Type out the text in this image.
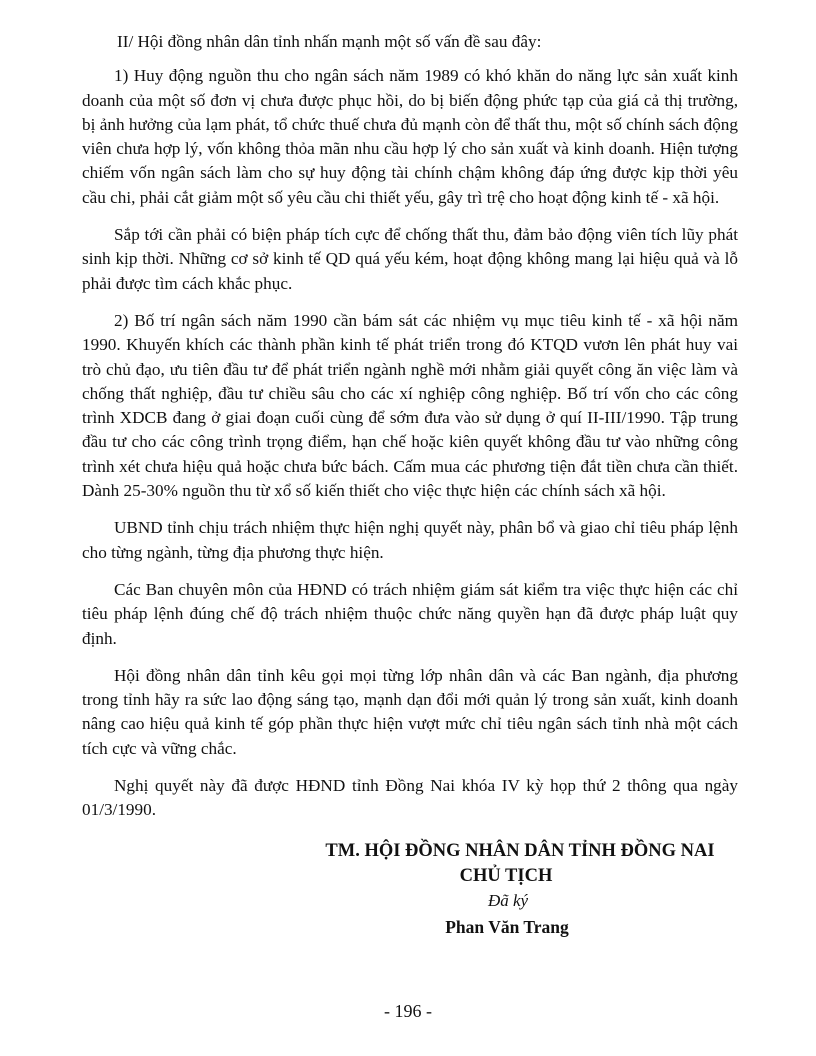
II/ Hội đồng nhân dân tỉnh nhấn mạnh một số vấn đề sau đây:

1) Huy động nguồn thu cho ngân sách năm 1989 có khó khăn do năng lực sản xuất kinh doanh của một số đơn vị chưa được phục hồi, do bị biến động phức tạp của giá cả thị trường, bị ảnh hưởng của lạm phát, tổ chức thuế chưa đủ mạnh còn để thất thu, một số chính sách động viên chưa hợp lý, vốn không thỏa mãn nhu cầu hợp lý cho sản xuất và kinh doanh. Hiện tượng chiếm vốn ngân sách làm cho sự huy động tài chính chậm không đáp ứng được kịp thời yêu cầu chi, phải cắt giảm một số yêu cầu chi thiết yếu, gây trì trệ cho hoạt động kinh tế - xã hội.

Sắp tới cần phải có biện pháp tích cực để chống thất thu, đảm bảo động viên tích lũy phát sinh kịp thời. Những cơ sở kinh tế QD quá yếu kém, hoạt động không mang lại hiệu quả và lỗ phải được tìm cách khắc phục.

2) Bố trí ngân sách năm 1990 cần bám sát các nhiệm vụ mục tiêu kinh tế - xã hội năm 1990. Khuyến khích các thành phần kinh tế phát triển trong đó KTQD vươn lên phát huy vai trò chủ đạo, ưu tiên đầu tư để phát triển ngành nghề mới nhằm giải quyết công ăn việc làm và chống thất nghiệp, đầu tư chiều sâu cho các xí nghiệp công nghiệp. Bố trí vốn cho các công trình XDCB đang ở giai đoạn cuối cùng để sớm đưa vào sử dụng ở quí II-III/1990. Tập trung đầu tư cho các công trình trọng điểm, hạn chế hoặc kiên quyết không đầu tư vào những công trình xét chưa hiệu quả hoặc chưa bức bách. Cấm mua các phương tiện đắt tiền chưa cần thiết. Dành 25-30% nguồn thu từ xổ số kiến thiết cho việc thực hiện các chính sách xã hội.

UBND tỉnh chịu trách nhiệm thực hiện nghị quyết này, phân bổ và giao chỉ tiêu pháp lệnh cho từng ngành, từng địa phương thực hiện.

Các Ban chuyên môn của HĐND có trách nhiệm giám sát kiểm tra việc thực hiện các chỉ tiêu pháp lệnh đúng chế độ trách nhiệm thuộc chức năng quyền hạn đã được pháp luật quy định.

Hội đồng nhân dân tỉnh kêu gọi mọi từng lớp nhân dân và các Ban ngành, địa phương trong tỉnh hãy ra sức lao động sáng tạo, mạnh dạn đổi mới quản lý trong sản xuất, kinh doanh nâng cao hiệu quả kinh tế góp phần thực hiện vượt mức chỉ tiêu ngân sách tỉnh nhà một cách tích cực và vững chắc.

Nghị quyết này đã được HĐND tỉnh Đồng Nai khóa IV kỳ họp thứ 2 thông qua ngày 01/3/1990.

TM. HỘI ĐỒNG NHÂN DÂN TỈNH ĐỒNG NAI
CHỦ TỊCH
Đã ký
Phan Văn Trang
- 196 -
